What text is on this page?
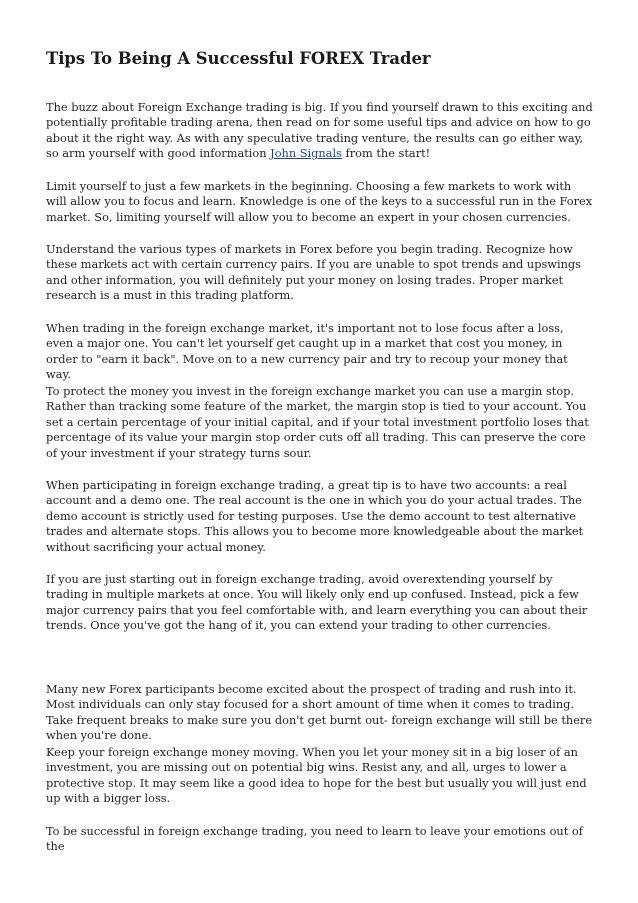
Tips To Being A Successful FOREX Trader

The buzz about Foreign Exchange trading is big. If you find yourself drawn to this exciting and potentially profitable trading arena, then read on for some useful tips and advice on how to go about it the right way. As with any speculative trading venture, the results can go either way, so arm yourself with good information John Signals from the start!

Limit yourself to just a few markets in the beginning. Choosing a few markets to work with will allow you to focus and learn. Knowledge is one of the keys to a successful run in the Forex market. So, limiting yourself will allow you to become an expert in your chosen currencies.

Understand the various types of markets in Forex before you begin trading. Recognize how these markets act with certain currency pairs. If you are unable to spot trends and upswings and other information, you will definitely put your money on losing trades. Proper market research is a must in this trading platform.

When trading in the foreign exchange market, it's important not to lose focus after a loss, even a major one. You can't let yourself get caught up in a market that cost you money, in order to "earn it back". Move on to a new currency pair and try to recoup your money that way.

To protect the money you invest in the foreign exchange market you can use a margin stop. Rather than tracking some feature of the market, the margin stop is tied to your account. You set a certain percentage of your initial capital, and if your total investment portfolio loses that percentage of its value your margin stop order cuts off all trading. This can preserve the core of your investment if your strategy turns sour.

When participating in foreign exchange trading, a great tip is to have two accounts: a real account and a demo one. The real account is the one in which you do your actual trades. The demo account is strictly used for testing purposes. Use the demo account to test alternative trades and alternate stops. This allows you to become more knowledgeable about the market without sacrificing your actual money.

If you are just starting out in foreign exchange trading, avoid overextending yourself by trading in multiple markets at once. You will likely only end up confused. Instead, pick a few major currency pairs that you feel comfortable with, and learn everything you can about their trends. Once you've got the hang of it, you can extend your trading to other currencies.

Many new Forex participants become excited about the prospect of trading and rush into it. Most individuals can only stay focused for a short amount of time when it comes to trading. Take frequent breaks to make sure you don't get burnt out- foreign exchange will still be there when you're done.

Keep your foreign exchange money moving. When you let your money sit in a big loser of an investment, you are missing out on potential big wins. Resist any, and all, urges to lower a protective stop. It may seem like a good idea to hope for the best but usually you will just end up with a bigger loss.

To be successful in foreign exchange trading, you need to learn to leave your emotions out of the
